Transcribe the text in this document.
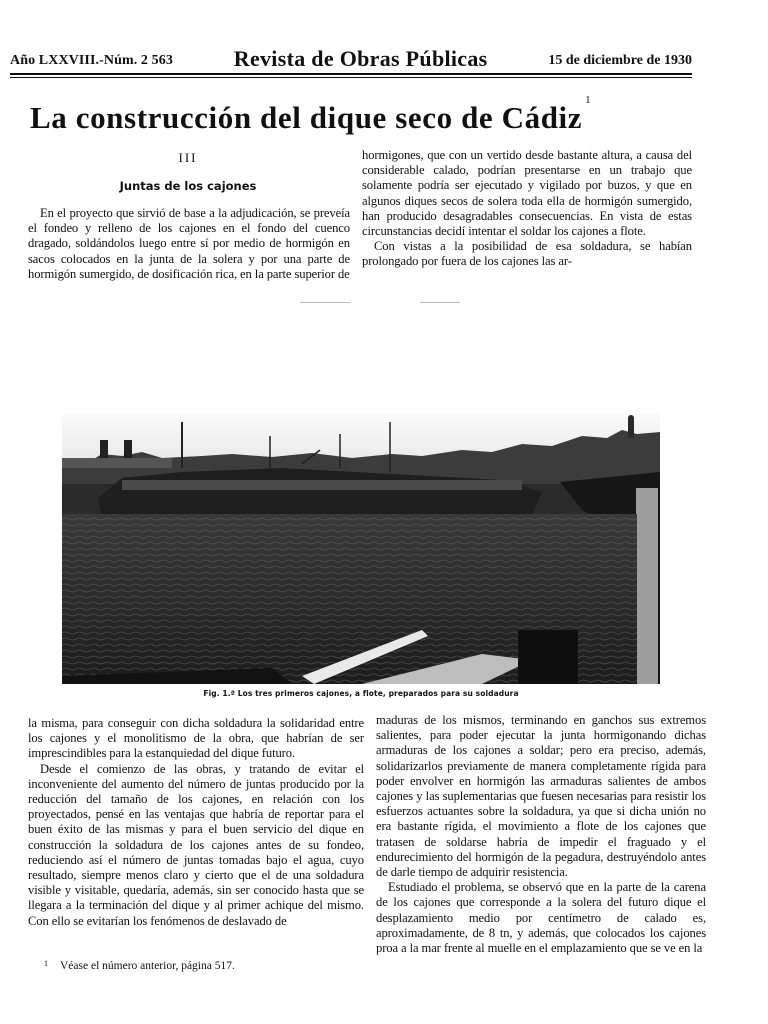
Año LXXVIII.-Núm. 2 563	Revista de Obras Públicas	15 de diciembre de 1930
La construcción del dique seco de Cádiz$^1$
III
Juntas de los cajones

En el proyecto que sirvió de base a la adjudicación, se preveía el fondeo y relleno de los cajones en el fondo del cuenco dragado, soldándolos luego entre sí por medio de hormigón en sacos colocados en la junta de la solera y por una parte de hormigón sumergido, de dosificación rica, en la parte superior de

hormigones, que con un vertido desde bastante altura, a causa del considerable calado, podrían presentarse en un trabajo que solamente podría ser ejecutado y vigilado por buzos, y que en algunos diques secos de solera toda ella de hormigón sumergido, han producido desagradables consecuencias. En vista de estas circunstancias decidí intentar el soldar los cajones a flote.

Con vistas a la posibilidad de esa soldadura, se habían prolongado por fuera de los cajones las ar-

Fig. 1.ª Los tres primeros cajones, a flote, preparados para su soldadura

la misma, para conseguir con dicha soldadura la solidaridad entre los cajones y el monolitismo de la obra, que habrían de ser imprescindibles para la estanquiedad del dique futuro.

Desde el comienzo de las obras, y tratando de evitar el inconveniente del aumento del número de juntas producido por la reducción del tamaño de los cajones, en relación con los proyectados, pensé en las ventajas que habría de reportar para el buen éxito de las mismas y para el buen servicio del dique en construcción la soldadura de los cajones antes de su fondeo, reduciendo así el número de juntas tomadas bajo el agua, cuyo resultado, siempre menos claro y cierto que el de una soldadura visible y visitable, quedaría, además, sin ser conocido hasta que se llegara a la terminación del dique y al primer achique del mismo. Con ello se evitarían los fenómenos de deslavado de

maduras de los mismos, terminando en ganchos sus extremos salientes, para poder ejecutar la junta hormigonando dichas armaduras de los cajones a soldar; pero era preciso, además, solidarizarlos previamente de manera completamente rígida para poder envolver en hormigón las armaduras salientes de ambos cajones y las suplementarias que fuesen necesarias para resistir los esfuerzos actuantes sobre la soldadura, ya que si dicha unión no era bastante rígida, el movimiento a flote de los cajones que tratasen de soldarse habría de impedir el fraguado y el endurecimiento del hormigón de la pegadura, destruyéndolo antes de darle tiempo de adquirir resistencia.

Estudiado el problema, se observó que en la parte de la carena de los cajones que corresponde a la solera del futuro dique el desplazamiento medio por centímetro de calado es, aproximadamente, de 8 tn, y además, que colocados los cajones proa a la mar frente al muelle en el emplazamiento que se ve en la

$^1$ Véase el número anterior, página 517.
